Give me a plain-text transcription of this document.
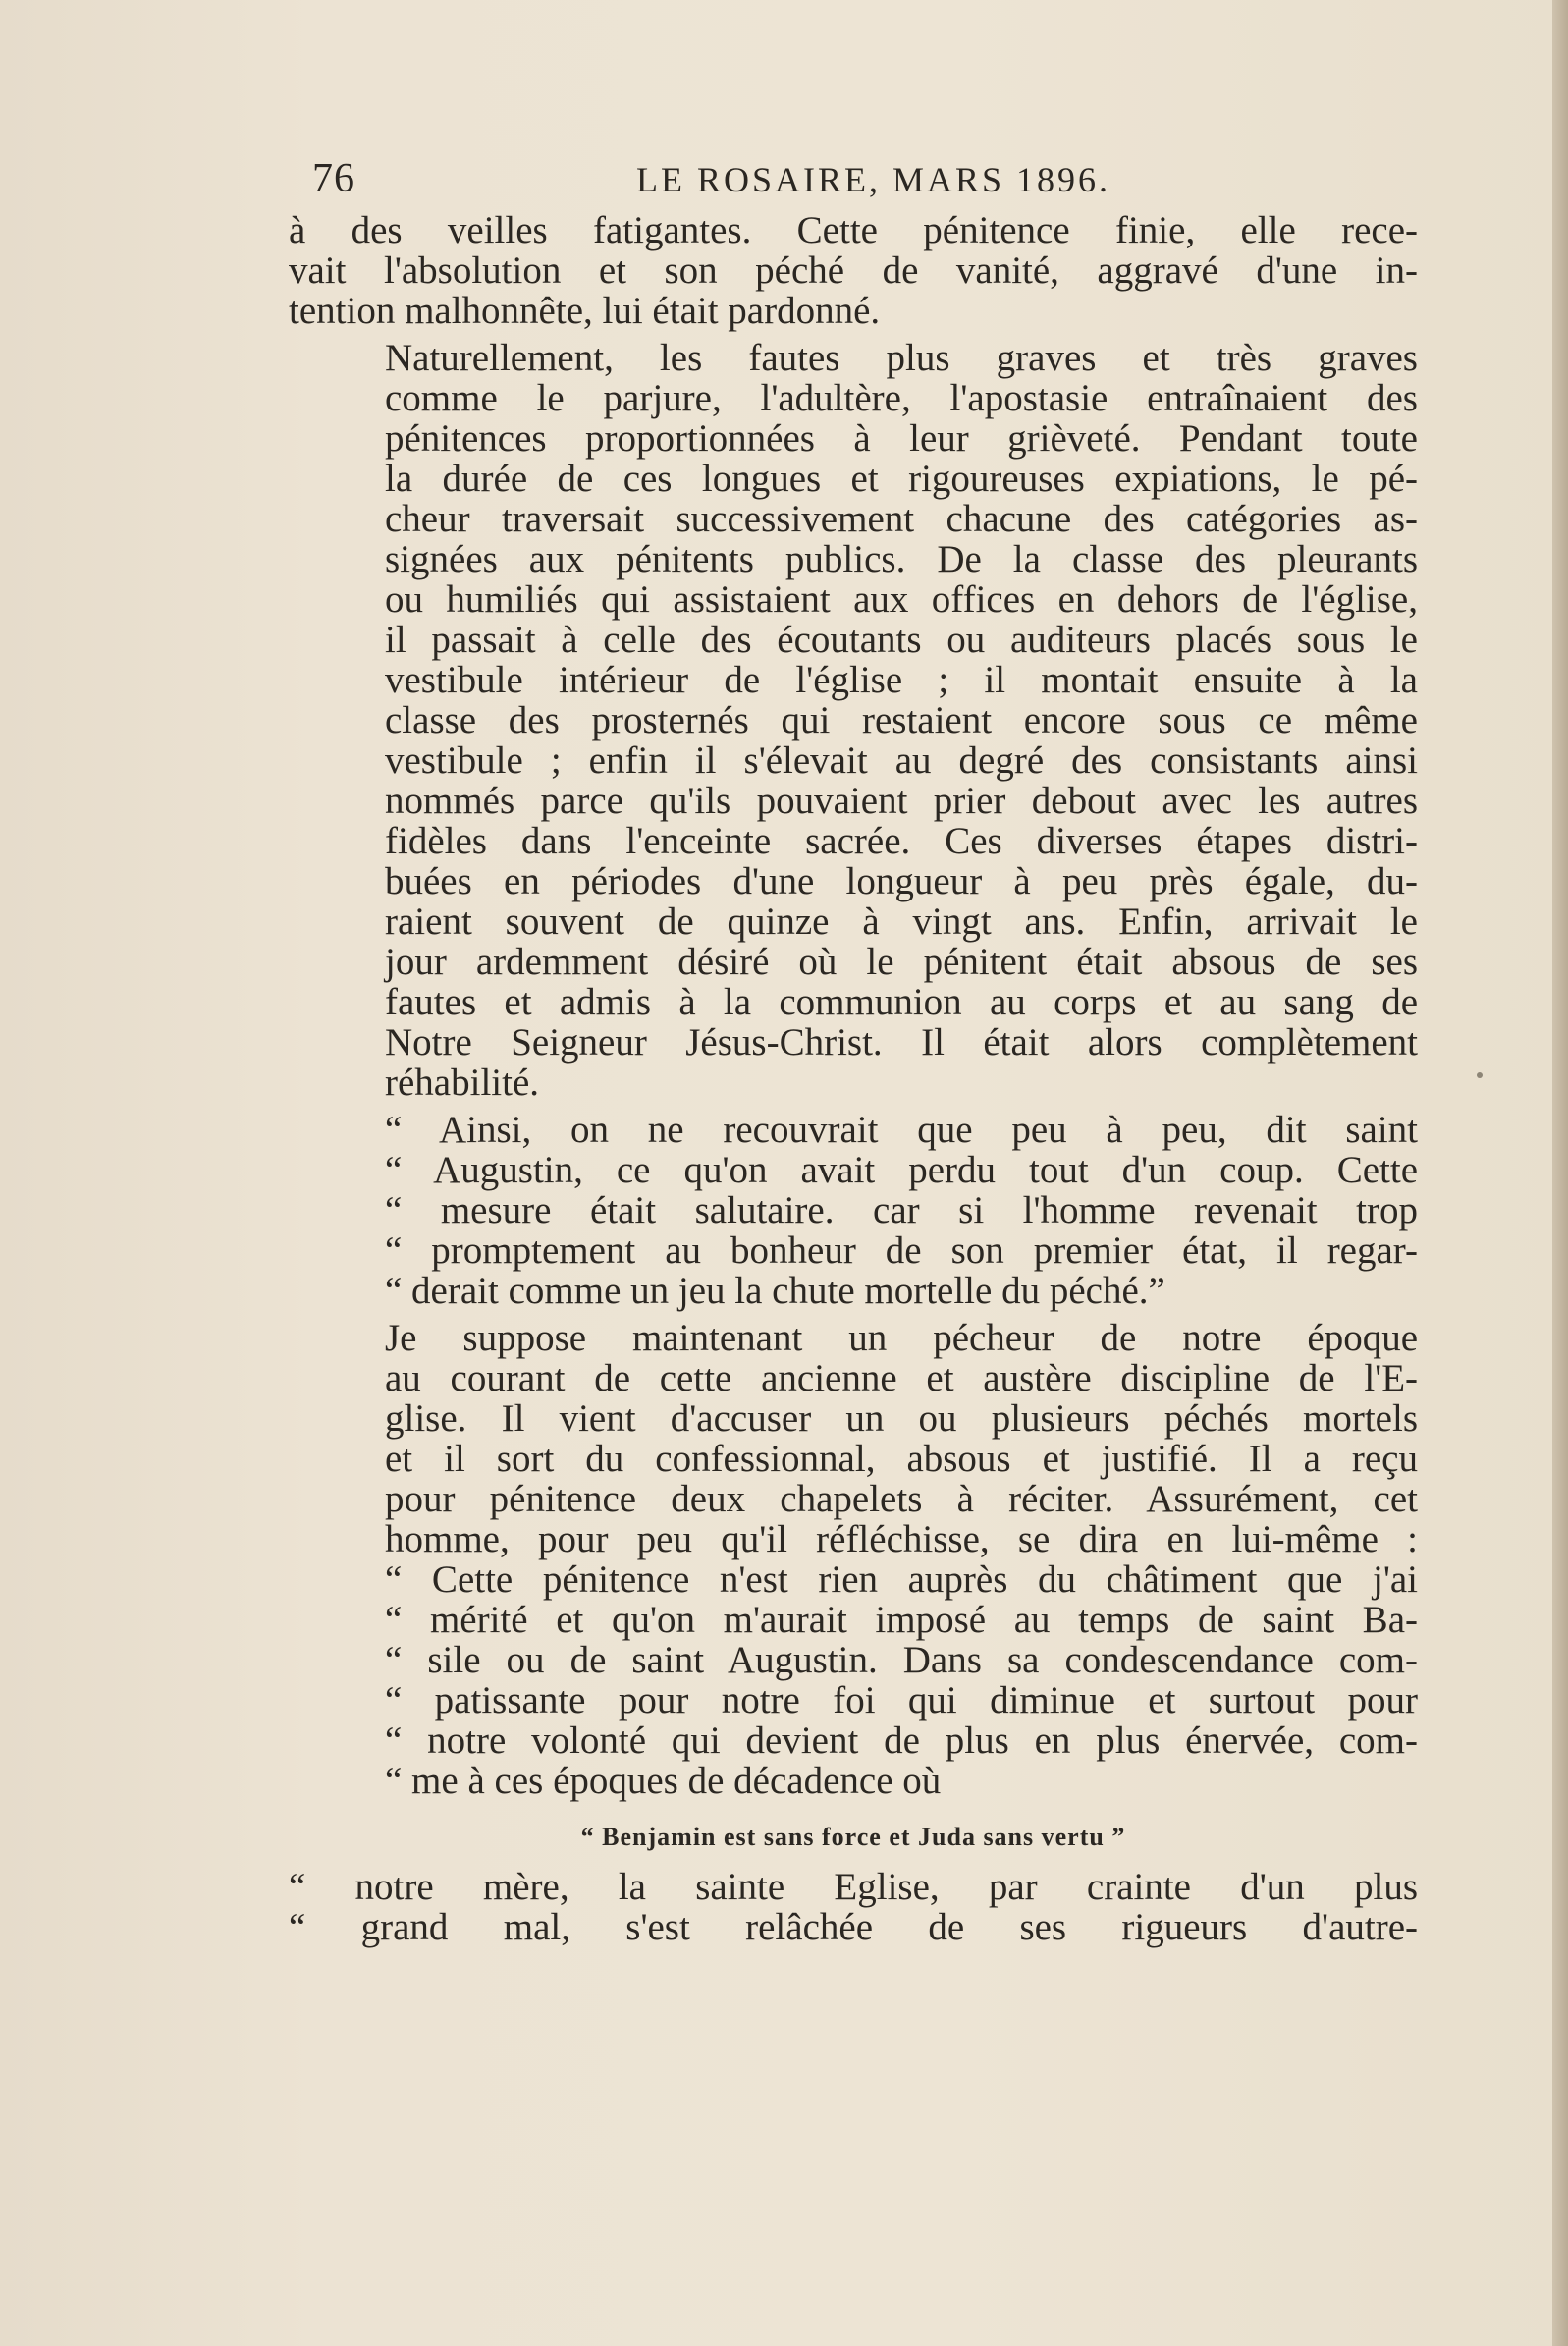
76	LE ROSAIRE, MARS 1896.
à des veilles fatigantes. Cette pénitence finie, elle rece-
vait l'absolution et son péché de vanité, aggravé d'une in-
tention malhonnête, lui était pardonné.
Naturellement, les fautes plus graves et très graves
comme le parjure, l'adultère, l'apostasie entraînaient des
pénitences proportionnées à leur grièveté. Pendant toute
la durée de ces longues et rigoureuses expiations, le pé-
cheur traversait successivement chacune des catégories as-
signées aux pénitents publics. De la classe des pleurants
ou humiliés qui assistaient aux offices en dehors de l'église,
il passait à celle des écoutants ou auditeurs placés sous le
vestibule intérieur de l'église ; il montait ensuite à la
classe des prosternés qui restaient encore sous ce même
vestibule ; enfin il s'élevait au degré des consistants ainsi
nommés parce qu'ils pouvaient prier debout avec les autres
fidèles dans l'enceinte sacrée. Ces diverses étapes distri-
buées en périodes d'une longueur à peu près égale, du-
raient souvent de quinze à vingt ans. Enfin, arrivait le
jour ardemment désiré où le pénitent était absous de ses
fautes et admis à la communion au corps et au sang de
Notre Seigneur Jésus-Christ. Il était alors complètement
réhabilité.
“ Ainsi, on ne recouvrait que peu à peu, dit saint
“ Augustin, ce qu'on avait perdu tout d'un coup. Cette
“ mesure était salutaire. car si l'homme revenait trop
“ promptement au bonheur de son premier état, il regar-
“ derait comme un jeu la chute mortelle du péché.”
Je suppose maintenant un pécheur de notre époque
au courant de cette ancienne et austère discipline de l'E-
glise. Il vient d'accuser un ou plusieurs péchés mortels
et il sort du confessionnal, absous et justifié. Il a reçu
pour pénitence deux chapelets à réciter. Assurément, cet
homme, pour peu qu'il réfléchisse, se dira en lui-même :
“ Cette pénitence n'est rien auprès du châtiment que j'ai
“ mérité et qu'on m'aurait imposé au temps de saint Ba-
“ sile ou de saint Augustin. Dans sa condescendance com-
“ patissante pour notre foi qui diminue et surtout pour
“ notre volonté qui devient de plus en plus énervée, com-
“ me à ces époques de décadence où
“ Benjamin est sans force et Juda sans vertu ”
“ notre mère, la sainte Eglise, par crainte d'un plus
“ grand mal, s'est relâchée de ses rigueurs d'autre-
